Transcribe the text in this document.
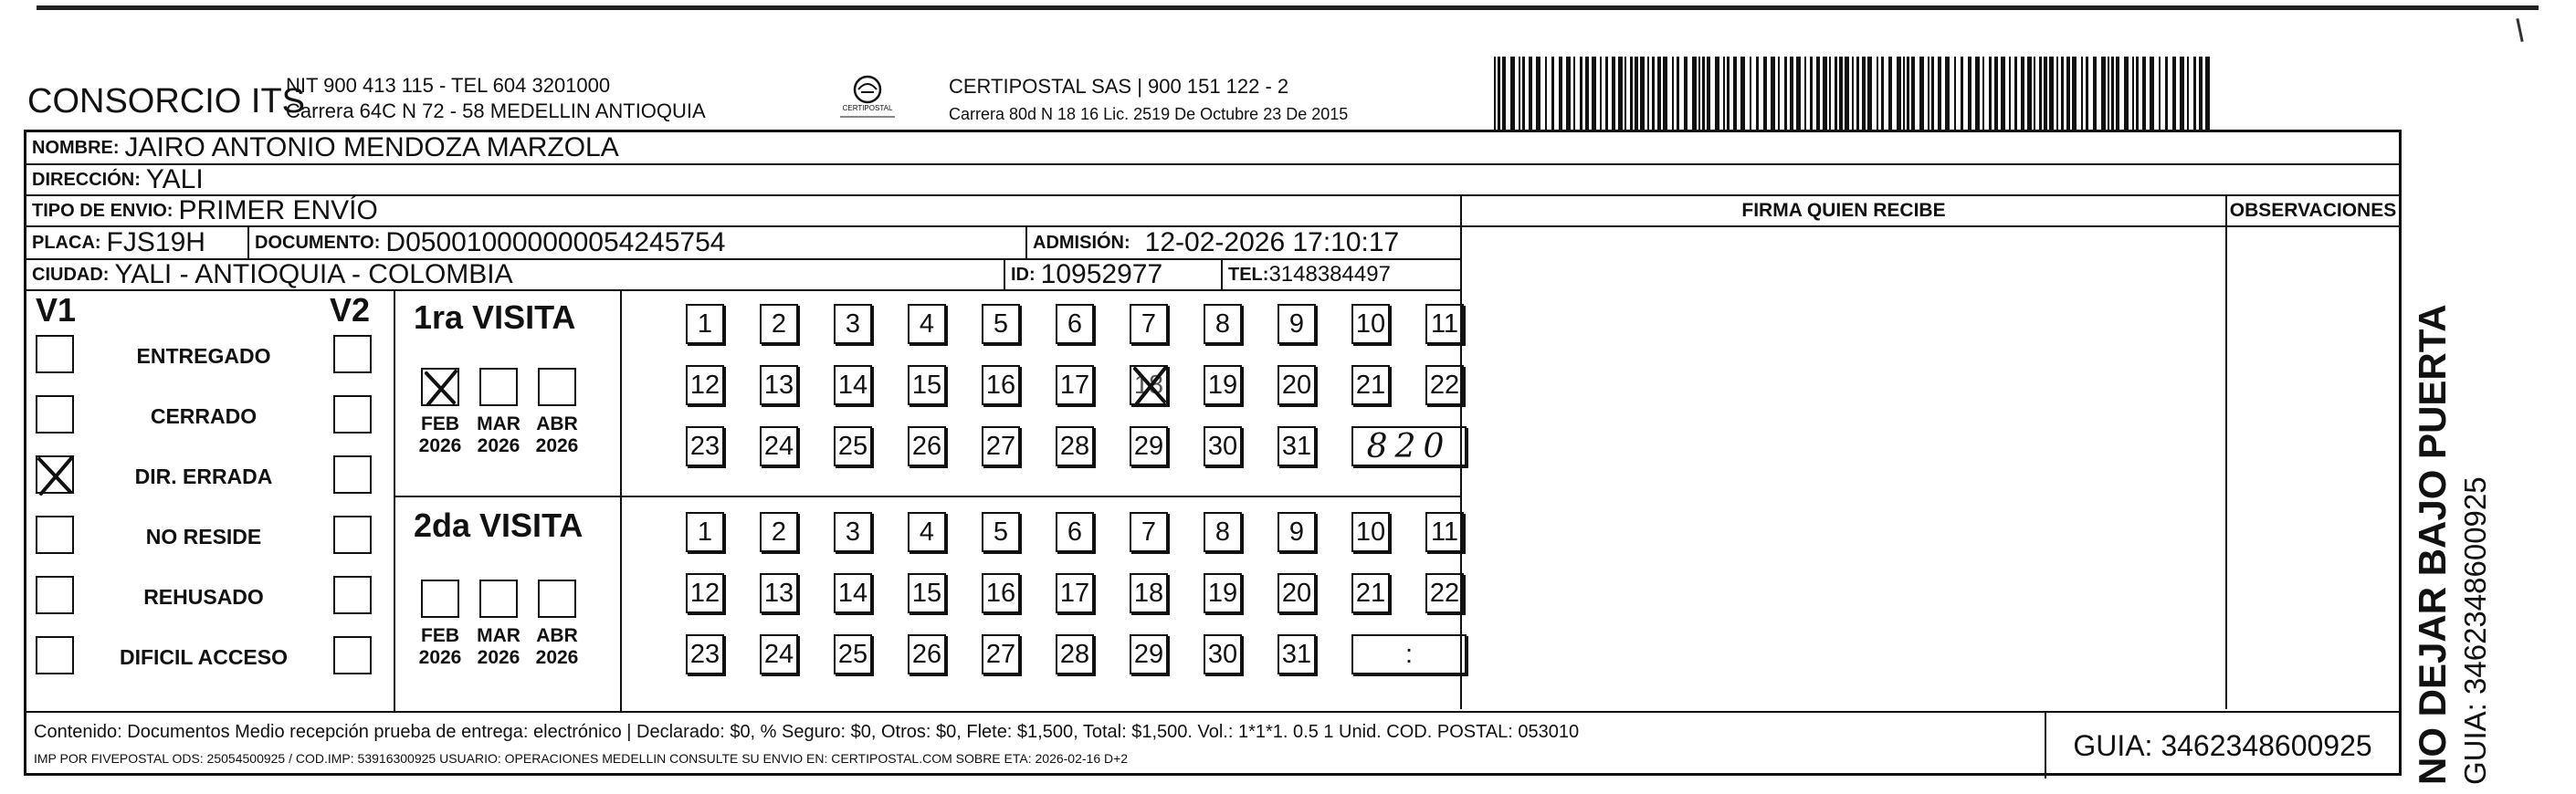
CONSORCIO ITS
NIT 900 413 115 - TEL 604 3201000
Carrera 64C N 72 - 58 MEDELLIN ANTIOQUIA	CERTIPOSTAL
CERTIPOSTAL SAS | 900 151 122 - 2
Carrera 80d N 18 16 Lic. 2519 De Octubre 23 De 2015
NOMBRE: JAIRO ANTONIO MENDOZA MARZOLA
DIRECCIÓN: YALI
TIPO DE ENVIO: PRIMER ENVÍO	FIRMA QUIEN RECIBE	OBSERVACIONES
PLACA: FJS19H	DOCUMENTO: D050010000000054245754	ADMISIÓN: 12-02-2026 17:10:17
CIUDAD: YALI - ANTIOQUIA - COLOMBIA	ID: 10952977	TEL: 3148384497
V1	V2
ENTREGADO
CERRADO
DIR. ERRADA
NO RESIDE
REHUSADO
DIFICIL ACCESO
1ra VISITA
2da VISITA
FEB
2026
MAR
2026
ABR
2026
FEB
2026
MAR
2026
ABR
2026
1	2	3	4	5	6	7	8	9	10 11
12 13 14 15 16 17 18 19 20 21 22
23 24 25 26 27 28 29 30 31	820
1	2	3	4	5	6	7	8	9	10 11
12 13 14 15 16 17 18 19 20 21 22
23 24 25 26 27 28 29 30 31	:
Contenido: Documentos Medio recepción prueba de entrega: electrónico | Declarado: $0, % Seguro: $0, Otros: $0, Flete: $1,500, Total: $1,500. Vol.: 1*1*1. 0.5 1 Unid. COD. POSTAL: 053010
IMP POR FIVEPOSTAL ODS: 25054500925 / COD.IMP: 53916300925 USUARIO: OPERACIONES MEDELLIN CONSULTE SU ENVIO EN: CERTIPOSTAL.COM SOBRE ETA: 2026-02-16 D+2	GUIA: 3462348600925	NO DEJAR BAJO PUERTA GUIA: 3462348600925
